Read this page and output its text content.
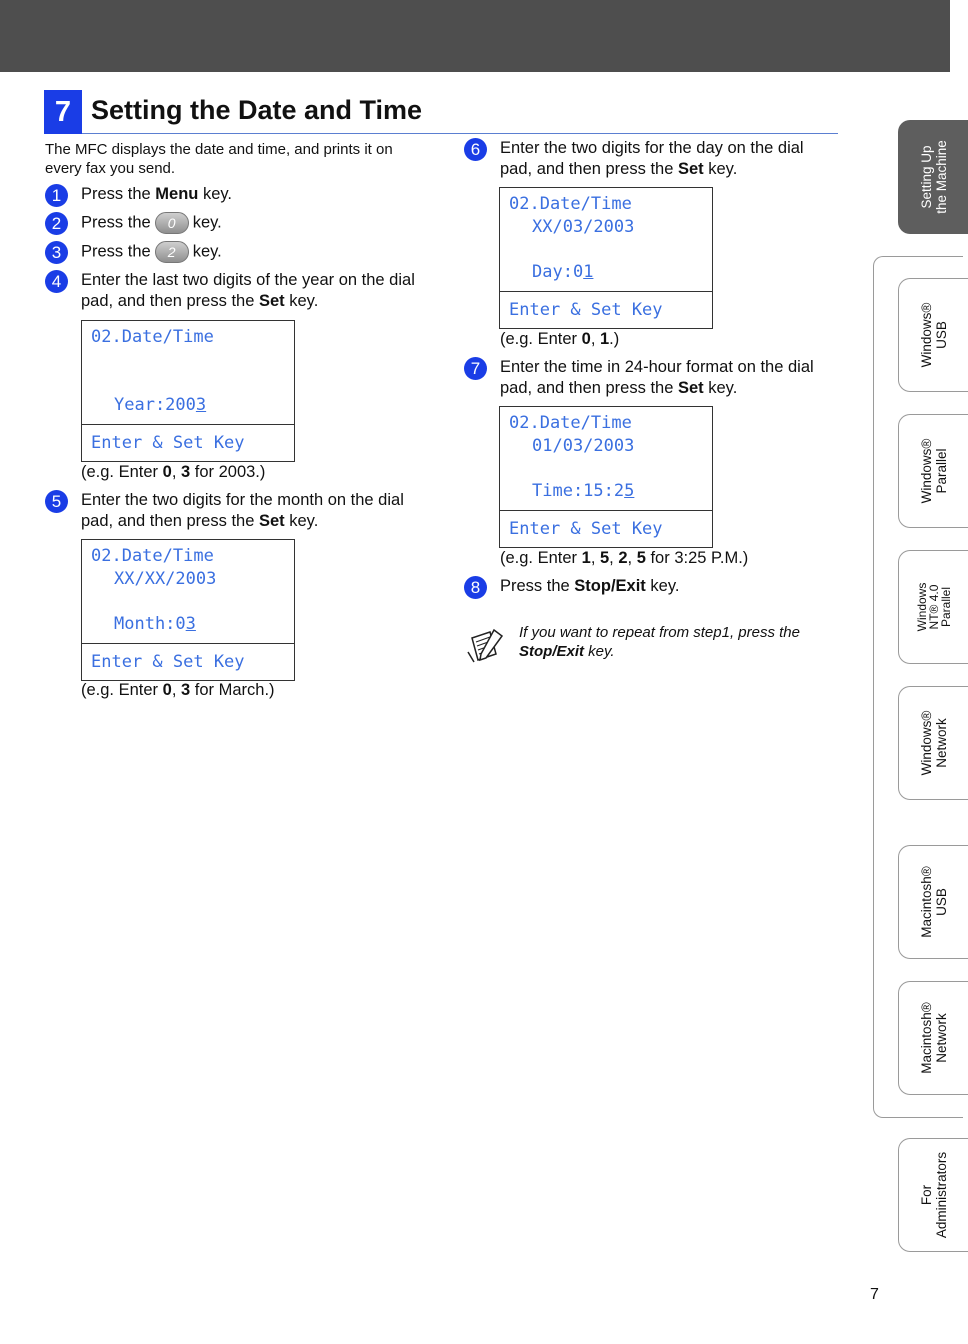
7 Setting the Date and Time
The MFC displays the date and time, and prints it on every fax you send.
1	Press the Menu key.
2	Press the 0 key.
3	Press the 2 key.
4	Enter the last two digits of the year on the dial pad, and then press the Set key.
02.Date/Time
Year:2003
Enter & Set Key
(e.g. Enter 0, 3 for 2003.)
5	Enter the two digits for the month on the dial pad, and then press the Set key.
02.Date/Time
XX/XX/2003
Month:03
Enter & Set Key
(e.g. Enter 0, 3 for March.)
6	Enter the two digits for the day on the dial pad, and then press the Set key.
02.Date/Time
XX/03/2003
Day:01
Enter & Set Key
(e.g. Enter 0, 1.)
7	Enter the time in 24-hour format on the dial pad, and then press the Set key.
02.Date/Time
01/03/2003
Time:15:25
Enter & Set Key
(e.g. Enter 1, 5, 2, 5 for 3:25 P.M.)
8	Press the Stop/Exit key.
If you want to repeat from step1, press the Stop/Exit key.
Setting Up
the Machine
Windows®
USB
Windows®
Parallel
Windows
NT® 4.0
Parallel
Windows®
Network
Macintosh®
USB
Macintosh®
Network
For
Administrators
7
